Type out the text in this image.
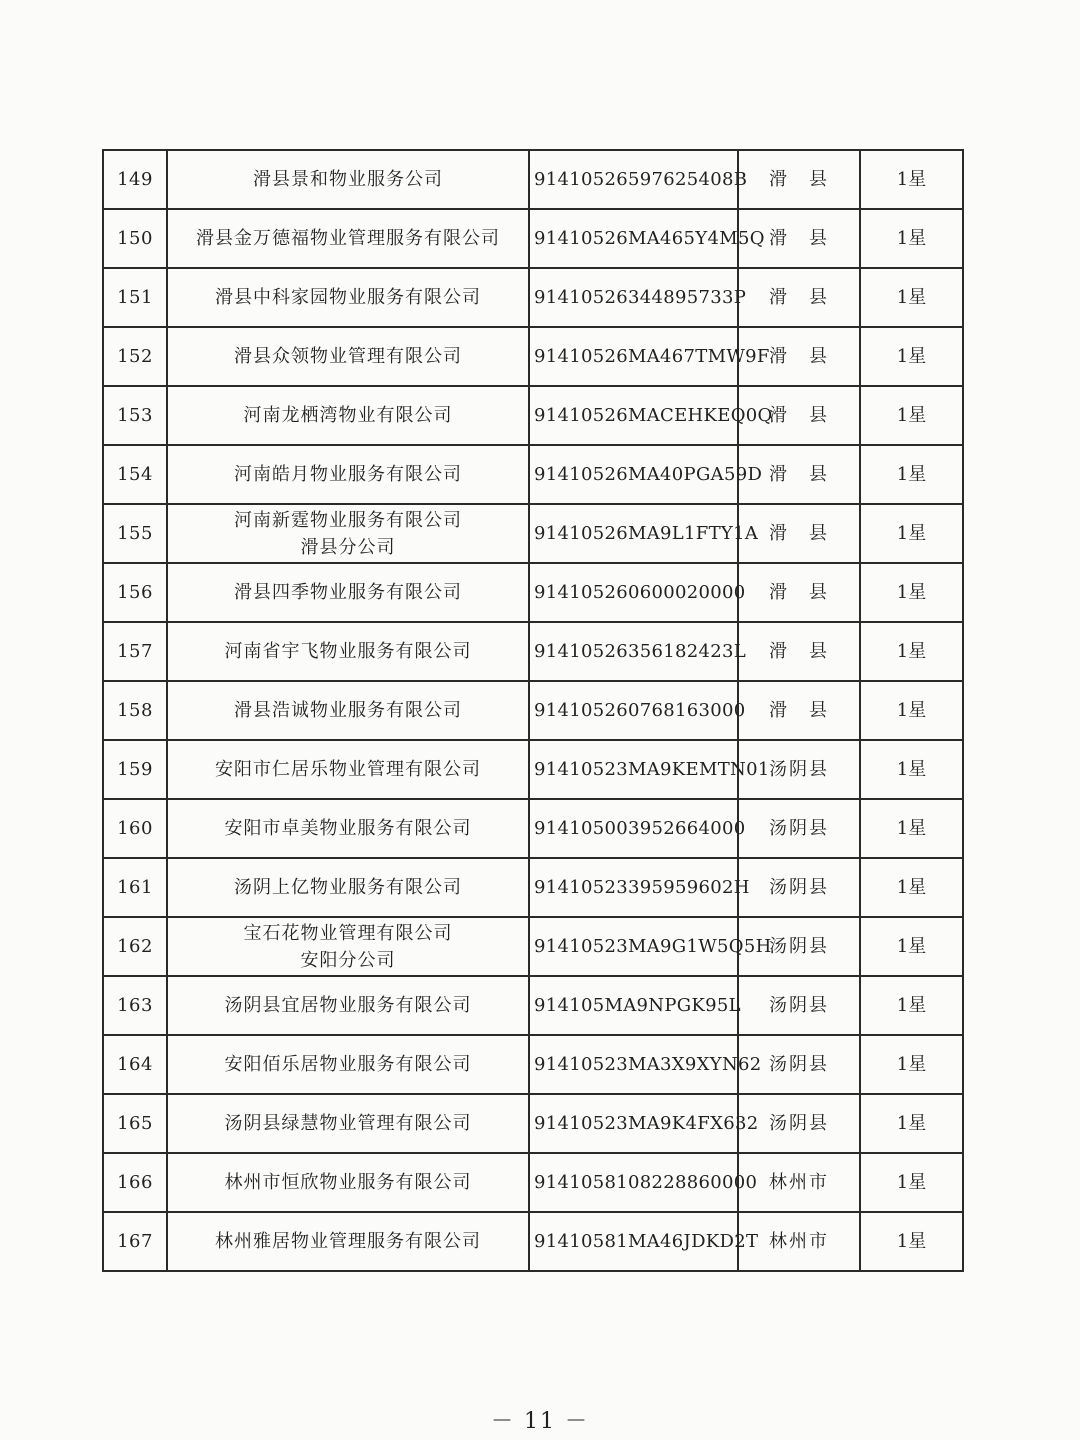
149	滑县景和物业服务公司	91410526597625408B	滑　县	1星
150	滑县金万德福物业管理服务有限公司	91410526MA465Y4M5Q	滑　县	1星
151	滑县中科家园物业服务有限公司	91410526344895733P	滑　县	1星
152	滑县众领物业管理有限公司	91410526MA467TMW9F	滑　县	1星
153	河南龙栖湾物业有限公司	91410526MACEHKEQ0Q	滑　县	1星
154	河南皓月物业服务有限公司	91410526MA40PGA59D	滑　县	1星
155	河南新霆物业服务有限公司
滑县分公司	91410526MA9L1FTY1A	滑　县	1星
156	滑县四季物业服务有限公司	914105260600020000	滑　县	1星
157	河南省宇飞物业服务有限公司	91410526356182423L	滑　县	1星
158	滑县浩诚物业服务有限公司	914105260768163000	滑　县	1星
159	安阳市仁居乐物业管理有限公司	91410523MA9KEMTN01	汤阴县	1星
160	安阳市卓美物业服务有限公司	914105003952664000	汤阴县	1星
161	汤阴上亿物业服务有限公司	91410523395959602H	汤阴县	1星
162	宝石花物业管理有限公司
安阳分公司	91410523MA9G1W5Q5H	汤阴县	1星
163	汤阴县宜居物业服务有限公司	914105MA9NPGK95L	汤阴县	1星
164	安阳佰乐居物业服务有限公司	91410523MA3X9XYN62	汤阴县	1星
165	汤阴县绿慧物业管理有限公司	91410523MA9K4FX632	汤阴县	1星
166	林州市恒欣物业服务有限公司	9141058108228860000	林州市	1星
167	林州雅居物业管理服务有限公司	91410581MA46JDKD2T	林州市	1星
－ 11 －
